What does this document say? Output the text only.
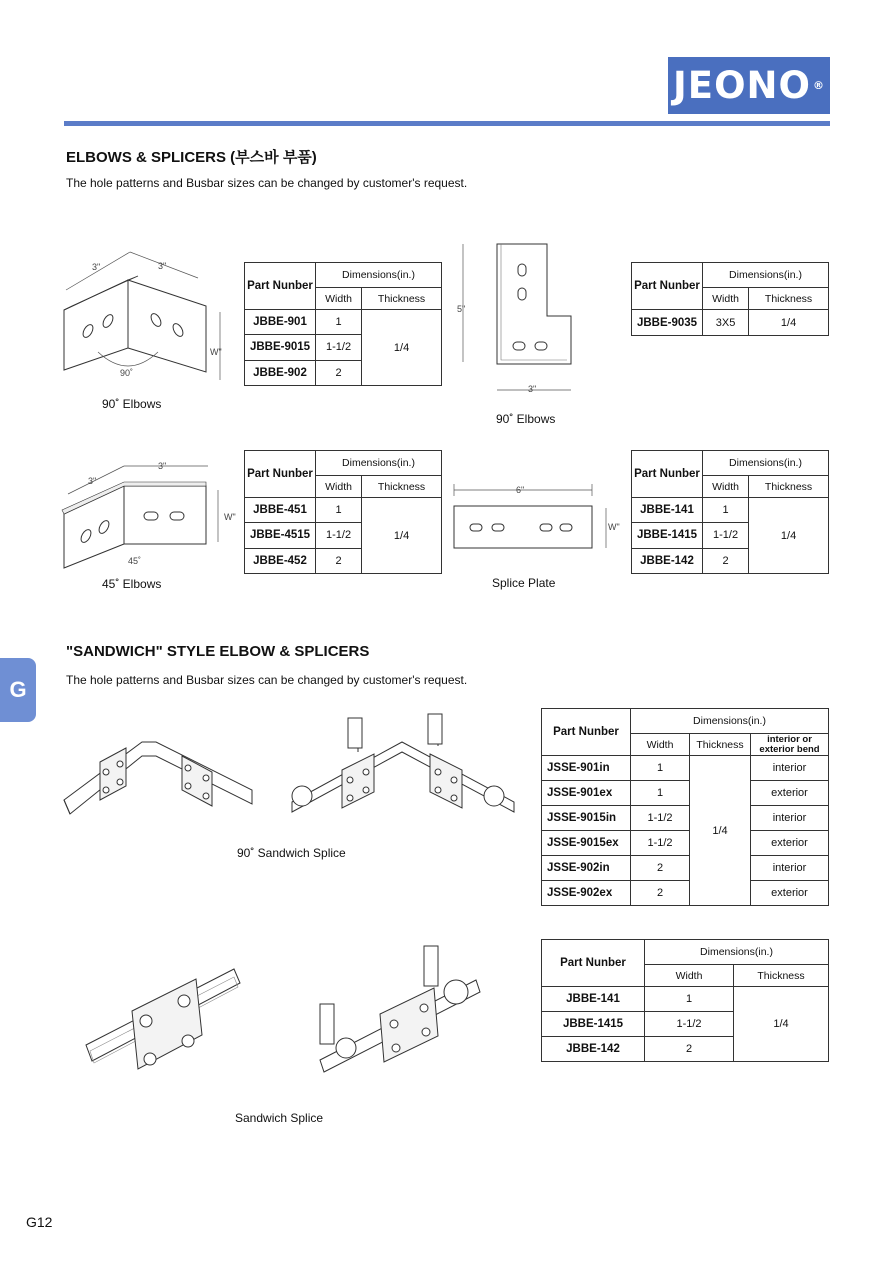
JEONO ®
ELBOWS & SPLICERS (부스바 부품)
The hole patterns and Busbar sizes can be changed by customer's request.
3"	3"
W"
90˚
90˚ Elbows
Part Nunber	Dimensions(in.)	
	Width	Thickness
JBBE-901	1	1/4
JBBE-9015	1-1/2	
JBBE-902	2	
5"
3"
90˚ Elbows
Part Nunber	Dimensions(in.)	
	Width	Thickness
JBBE-9035	3X5	1/4
3"
3"
W"
45˚
45˚ Elbows
Part Nunber	Dimensions(in.)	
	Width	Thickness
JBBE-451	1	1/4
JBBE-4515	1-1/2	
JBBE-452	2	
6"
W"
Splice Plate
Part Nunber	Dimensions(in.)	
	Width	Thickness
JBBE-141	1	1/4
JBBE-1415	1-1/2	
JBBE-142	2	
G
"SANDWICH" STYLE ELBOW & SPLICERS
The hole patterns and Busbar sizes can be changed by customer's request.
90˚ Sandwich Splice
Part Nunber	Dimensions(in.)		
	Width	Thickness	interior or exterior bend
JSSE-901in	1	1/4	interior
JSSE-901ex	1		exterior
JSSE-9015in	1-1/2		interior
JSSE-9015ex	1-1/2		exterior
JSSE-902in	2		interior
JSSE-902ex	2		exterior
Sandwich Splice
Part Nunber	Dimensions(in.)	
	Width	Thickness
JBBE-141	1	1/4
JBBE-1415	1-1/2	
JBBE-142	2	
G12
